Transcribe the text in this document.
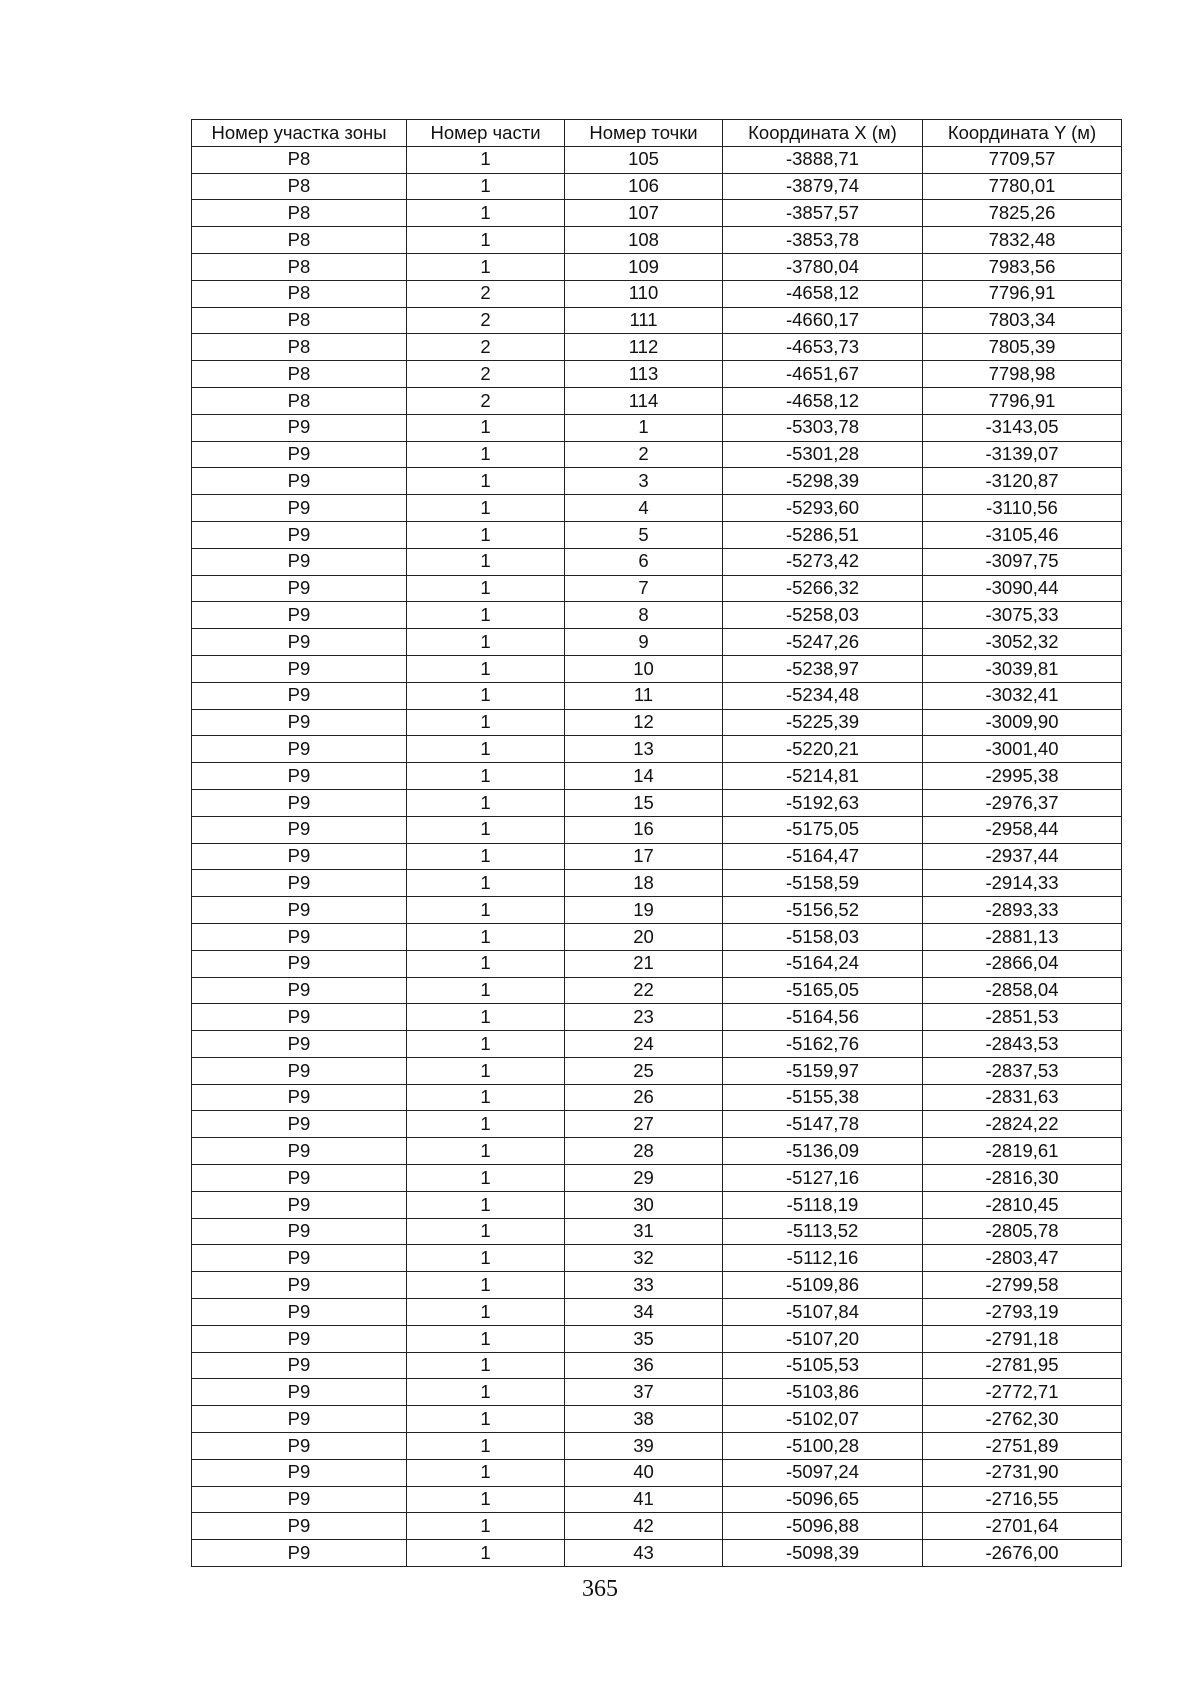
Номер участка зоны	Номер части	Номер точки	Координата X (м)	Координата Y (м)
Р8	1	105	-3888,71	7709,57
Р8	1	106	-3879,74	7780,01
Р8	1	107	-3857,57	7825,26
Р8	1	108	-3853,78	7832,48
Р8	1	109	-3780,04	7983,56
Р8	2	110	-4658,12	7796,91
Р8	2	111	-4660,17	7803,34
Р8	2	112	-4653,73	7805,39
Р8	2	113	-4651,67	7798,98
Р8	2	114	-4658,12	7796,91
Р9	1	1	-5303,78	-3143,05
Р9	1	2	-5301,28	-3139,07
Р9	1	3	-5298,39	-3120,87
Р9	1	4	-5293,60	-3110,56
Р9	1	5	-5286,51	-3105,46
Р9	1	6	-5273,42	-3097,75
Р9	1	7	-5266,32	-3090,44
Р9	1	8	-5258,03	-3075,33
Р9	1	9	-5247,26	-3052,32
Р9	1	10	-5238,97	-3039,81
Р9	1	11	-5234,48	-3032,41
Р9	1	12	-5225,39	-3009,90
Р9	1	13	-5220,21	-3001,40
Р9	1	14	-5214,81	-2995,38
Р9	1	15	-5192,63	-2976,37
Р9	1	16	-5175,05	-2958,44
Р9	1	17	-5164,47	-2937,44
Р9	1	18	-5158,59	-2914,33
Р9	1	19	-5156,52	-2893,33
Р9	1	20	-5158,03	-2881,13
Р9	1	21	-5164,24	-2866,04
Р9	1	22	-5165,05	-2858,04
Р9	1	23	-5164,56	-2851,53
Р9	1	24	-5162,76	-2843,53
Р9	1	25	-5159,97	-2837,53
Р9	1	26	-5155,38	-2831,63
Р9	1	27	-5147,78	-2824,22
Р9	1	28	-5136,09	-2819,61
Р9	1	29	-5127,16	-2816,30
Р9	1	30	-5118,19	-2810,45
Р9	1	31	-5113,52	-2805,78
Р9	1	32	-5112,16	-2803,47
Р9	1	33	-5109,86	-2799,58
Р9	1	34	-5107,84	-2793,19
Р9	1	35	-5107,20	-2791,18
Р9	1	36	-5105,53	-2781,95
Р9	1	37	-5103,86	-2772,71
Р9	1	38	-5102,07	-2762,30
Р9	1	39	-5100,28	-2751,89
Р9	1	40	-5097,24	-2731,90
Р9	1	41	-5096,65	-2716,55
Р9	1	42	-5096,88	-2701,64
Р9	1	43	-5098,39	-2676,00
365
